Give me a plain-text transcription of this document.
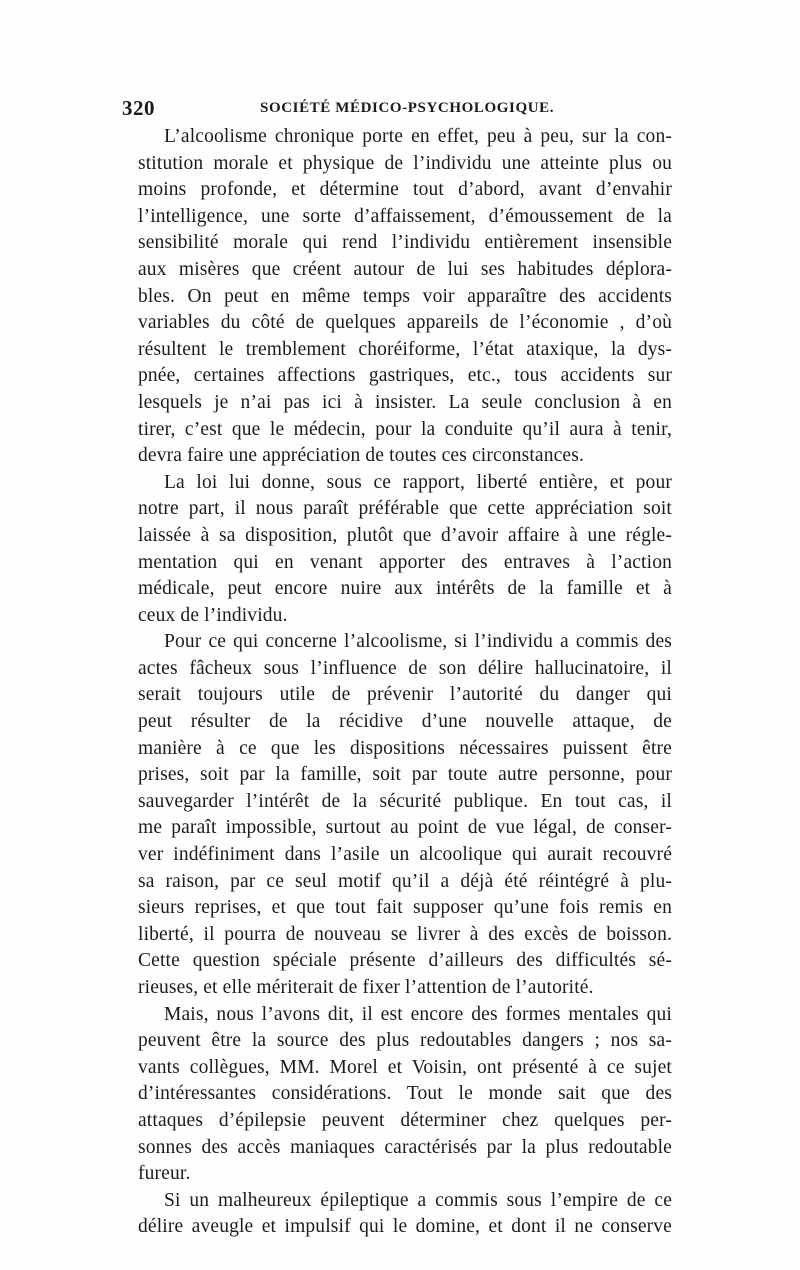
320	SOCIÉTÉ MÉDICO-PSYCHOLOGIQUE.
L’alcoolisme chronique porte en effet, peu à peu, sur la con-
stitution morale et physique de l’individu une atteinte plus ou
moins profonde, et détermine tout d’abord, avant d’envahir
l’intelligence, une sorte d’affaissement, d’émoussement de la
sensibilité morale qui rend l’individu entièrement insensible
aux misères que créent autour de lui ses habitudes déplora-
bles. On peut en même temps voir apparaître des accidents
variables du côté de quelques appareils de l’économie , d’où
résultent le tremblement choréiforme, l’état ataxique, la dys-
pnée, certaines affections gastriques, etc., tous accidents sur
lesquels je n’ai pas ici à insister. La seule conclusion à en
tirer, c’est que le médecin, pour la conduite qu’il aura à tenir,
devra faire une appréciation de toutes ces circonstances.
La loi lui donne, sous ce rapport, liberté entière, et pour
notre part, il nous paraît préférable que cette appréciation soit
laissée à sa disposition, plutôt que d’avoir affaire à une régle-
mentation qui en venant apporter des entraves à l’action
médicale, peut encore nuire aux intérêts de la famille et à
ceux de l’individu.
Pour ce qui concerne l’alcoolisme, si l’individu a commis des
actes fâcheux sous l’influence de son délire hallucinatoire, il
serait toujours utile de prévenir l’autorité du danger qui
peut résulter de la récidive d’une nouvelle attaque, de
manière à ce que les dispositions nécessaires puissent être
prises, soit par la famille, soit par toute autre personne, pour
sauvegarder l’intérêt de la sécurité publique. En tout cas, il
me paraît impossible, surtout au point de vue légal, de conser-
ver indéfiniment dans l’asile un alcoolique qui aurait recouvré
sa raison, par ce seul motif qu’il a déjà été réintégré à plu-
sieurs reprises, et que tout fait supposer qu’une fois remis en
liberté, il pourra de nouveau se livrer à des excès de boisson.
Cette question spéciale présente d’ailleurs des difficultés sé-
rieuses, et elle mériterait de fixer l’attention de l’autorité.
Mais, nous l’avons dit, il est encore des formes mentales qui
peuvent être la source des plus redoutables dangers ; nos sa-
vants collègues, MM. Morel et Voisin, ont présenté à ce sujet
d’intéressantes considérations. Tout le monde sait que des
attaques d’épilepsie peuvent déterminer chez quelques per-
sonnes des accès maniaques caractérisés par la plus redoutable
fureur.
Si un malheureux épileptique a commis sous l’empire de ce
délire aveugle et impulsif qui le domine, et dont il ne conserve
